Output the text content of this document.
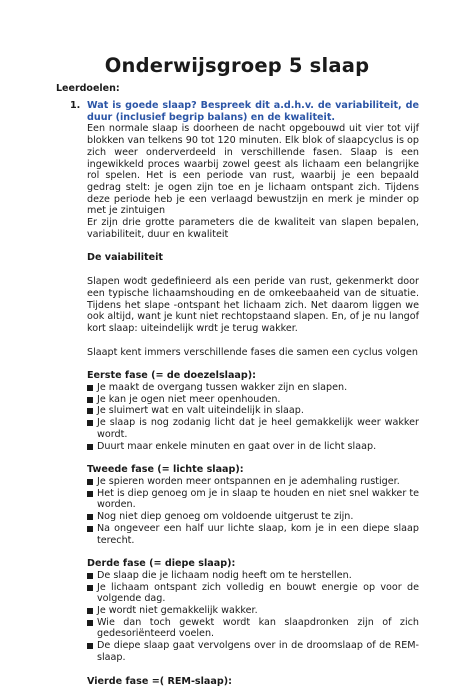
Onderwijsgroep 5 slaap
Leerdoelen:
1. Wat is goede slaap? Bespreek dit a.d.h.v. de variabiliteit, de duur (inclusief begrip balans) en de kwaliteit.
Een normale slaap is doorheen de nacht opgebouwd uit vier tot vijf blokken van telkens 90 tot 120 minuten. Elk blok of slaapcyclus is op zich weer onderverdeeld in verschillende fasen. Slaap is een ingewikkeld proces waarbij zowel geest als lichaam een belangrijke rol spelen. Het is een periode van rust, waarbij je een bepaald gedrag stelt: je ogen zijn toe en je lichaam ontspant zich. Tijdens deze periode heb je een verlaagd bewustzijn en merk je minder op met je zintuigen
Er zijn drie grotte parameters die de kwaliteit van slapen bepalen, variabiliteit, duur en kwaliteit
De vaiabiliteit
Slapen wodt gedefinieerd als een peride van rust, gekenmerkt door een typische lichaamshouding en de omkeebaaheid van de situatie. Tijdens het slape -ontspant het lichaam zich. Net daarom liggen we ook altijd, want je kunt niet rechtopstaand slapen. En, of je nu langof kort slaap: uiteindelijk wrdt je terug wakker.
Slaapt kent immers verschillende fases die samen een cyclus volgen
Eerste fase (= de doezelslaap):
Je maakt de overgang tussen wakker zijn en slapen.
Je kan je ogen niet meer openhouden.
Je sluimert wat en valt uiteindelijk in slaap.
Je slaap is nog zodanig licht dat je heel gemakkelijk weer wakker wordt.
Duurt maar enkele minuten en gaat over in de licht slaap.
Tweede fase (= lichte slaap):
Je spieren worden meer ontspannen en je ademhaling rustiger.
Het is diep genoeg om je in slaap te houden en niet snel wakker te worden.
Nog niet diep genoeg om voldoende uitgerust te zijn.
Na ongeveer een half uur lichte slaap, kom je in een diepe slaap terecht.
Derde fase (= diepe slaap):
De slaap die je lichaam nodig heeft om te herstellen.
Je lichaam ontspant zich volledig en bouwt energie op voor de volgende dag.
Je wordt niet gemakkelijk wakker.
Wie dan toch gewekt wordt kan slaapdronken zijn of zich gedesoriënteerd voelen.
De diepe slaap gaat vervolgens over in de droomslaap of de REM-slaap.
Vierde fase =( REM-slaap):
